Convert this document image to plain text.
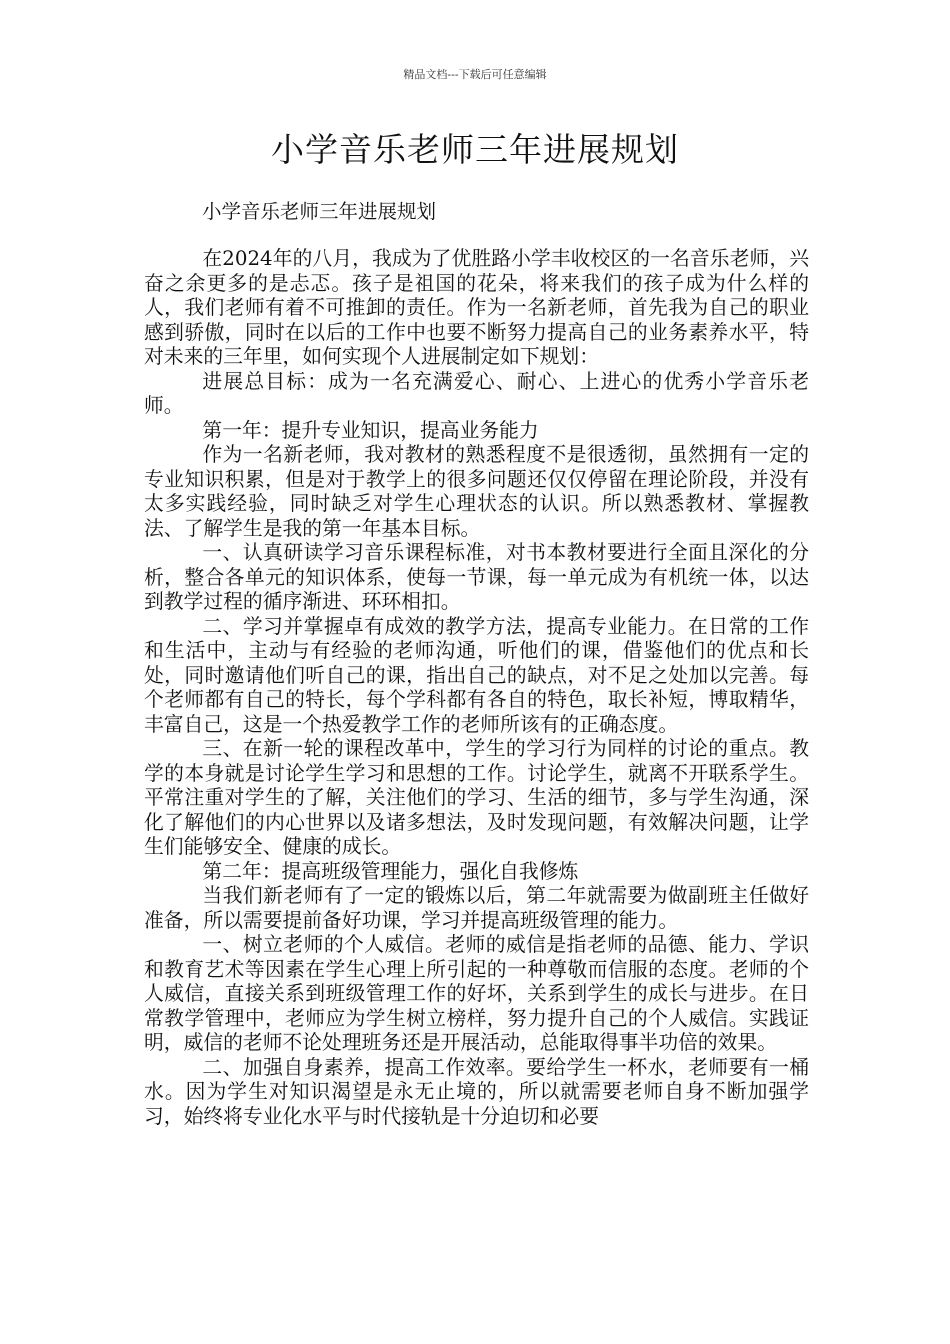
精品文档---下载后可任意编辑
小学音乐老师三年进展规划
小学音乐老师三年进展规划

在2024年的八月，我成为了优胜路小学丰收校区的一名音乐老师，兴奋之余更多的是忐忑。孩子是祖国的花朵，将来我们的孩子成为什么样的人，我们老师有着不可推卸的责任。作为一名新老师，首先我为自己的职业感到骄傲，同时在以后的工作中也要不断努力提高自己的业务素养水平，特对未来的三年里，如何实现个人进展制定如下规划：

进展总目标：成为一名充满爱心、耐心、上进心的优秀小学音乐老师。

第一年：提升专业知识，提高业务能力

作为一名新老师，我对教材的熟悉程度不是很透彻，虽然拥有一定的专业知识积累，但是对于教学上的很多问题还仅仅停留在理论阶段，并没有太多实践经验，同时缺乏对学生心理状态的认识。所以熟悉教材、掌握教法、了解学生是我的第一年基本目标。

一、认真研读学习音乐课程标准，对书本教材要进行全面且深化的分析，整合各单元的知识体系，使每一节课，每一单元成为有机统一体，以达到教学过程的循序渐进、环环相扣。

二、学习并掌握卓有成效的教学方法，提高专业能力。在日常的工作和生活中，主动与有经验的老师沟通，听他们的课，借鉴他们的优点和长处，同时邀请他们听自己的课，指出自己的缺点，对不足之处加以完善。每个老师都有自己的特长，每个学科都有各自的特色，取长补短，博取精华，丰富自己，这是一个热爱教学工作的老师所该有的正确态度。

三、在新一轮的课程改革中，学生的学习行为同样的讨论的重点。教学的本身就是讨论学生学习和思想的工作。讨论学生，就离不开联系学生。平常注重对学生的了解，关注他们的学习、生活的细节，多与学生沟通，深化了解他们的内心世界以及诸多想法，及时发现问题，有效解决问题，让学生们能够安全、健康的成长。

第二年：提高班级管理能力，强化自我修炼

当我们新老师有了一定的锻炼以后，第二年就需要为做副班主任做好准备，所以需要提前备好功课，学习并提高班级管理的能力。

一、树立老师的个人威信。老师的威信是指老师的品德、能力、学识和教育艺术等因素在学生心理上所引起的一种尊敬而信服的态度。老师的个人威信，直接关系到班级管理工作的好坏，关系到学生的成长与进步。在日常教学管理中，老师应为学生树立榜样，努力提升自己的个人威信。实践证明，威信的老师不论处理班务还是开展活动，总能取得事半功倍的效果。

二、加强自身素养，提高工作效率。要给学生一杯水，老师要有一桶水。因为学生对知识渴望是永无止境的，所以就需要老师自身不断加强学习，始终将专业化水平与时代接轨是十分迫切和必要
